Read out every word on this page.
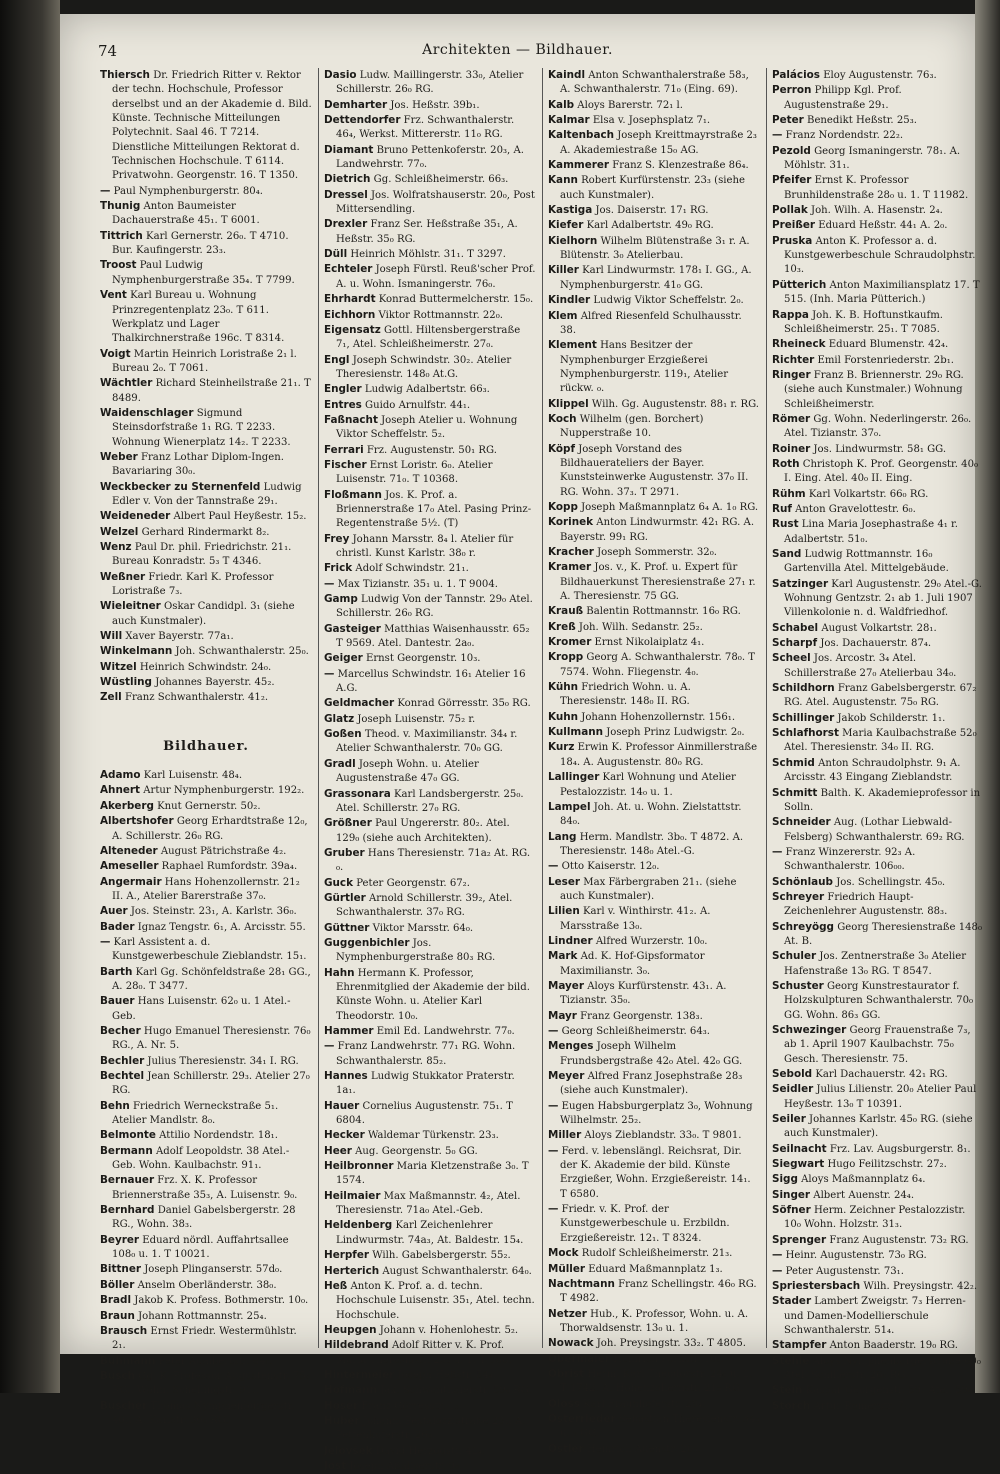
74	Architekten — Bildhauer.

Thiersch Dr. Friedrich Ritter v. Rektor der techn. Hochschule, Professor derselbst und an der Akademie d. Bild. Künste. Technische Mitteilungen Polytechnit. Saal 46. T 7214. Dienstliche Mitteilungen Rektorat d. Technischen Hochschule. T 6114. Privatwohn. Georgenstr. 16. T 1350.

— Paul Nymphenburgerstr. 80₄.

Thunig Anton Baumeister Dachauerstraße 45₁. T 6001.

Tittrich Karl Gernerstr. 26₀. T 4710. Bur. Kaufingerstr. 23₃.

Troost Paul Ludwig Nymphenburgerstraße 35₄. T 7799.

Vent Karl Bureau u. Wohnung Prinzregentenplatz 23₀. T 611. Werkplatz und Lager Thalkirchnerstraße 196c. T 8314.

Voigt Martin Heinrich Loristraße 2₁ l. Bureau 2₀. T 7061.

Wächtler Richard Steinheilstraße 21₁. T 8489.

Waidenschlager Sigmund Steinsdorfstraße 1₁ RG. T 2233. Wohnung Wienerplatz 14₂. T 2233.

Weber Franz Lothar Diplom-Ingen. Bavariaring 30₀.

Weckbecker zu Sternenfeld Ludwig Edler v. Von der Tannstraße 29₁.

Weideneder Albert Paul Heyßestr. 15₂.

Welzel Gerhard Rindermarkt 8₂.

Wenz Paul Dr. phil. Friedrichstr. 21₁. Bureau Konradstr. 5₃ T 4346.

Weßner Friedr. Karl K. Professor Loristraße 7₃.

Wieleitner Oskar Candidpl. 3₁ (siehe auch Kunstmaler).

Will Xaver Bayerstr. 77a₁.

Winkelmann Joh. Schwanthalerstr. 25₀.

Witzel Heinrich Schwindstr. 24₀.

Wüstling Johannes Bayerstr. 45₂.

Zell Franz Schwanthalerstr. 41₂.

Bildhauer.

Adamo Karl Luisenstr. 48₄.

Ahnert Artur Nymphenburgerstr. 192₂.

Akerberg Knut Gernerstr. 50₂.

Albertshofer Georg Erhardtstraße 12₀, A. Schillerstr. 26₀ RG.

Alteneder August Pätrichstraße 4₂.

Ameseller Raphael Rumfordstr. 39a₄.

Angermair Hans Hohenzollernstr. 21₂ II. A., Atelier Barerstraße 37₀.

Auer Jos. Steinstr. 23₁, A. Karlstr. 36₀.

Bader Ignaz Tengstr. 6₁, A. Arcisstr. 55.

— Karl Assistent a. d. Kunstgewerbeschule Zieblandstr. 15₁.

Barth Karl Gg. Schönfeldstraße 28₁ GG., A. 28₀. T 3477.

Bauer Hans Luisenstr. 62₀ u. 1 Atel.-Geb.

Becher Hugo Emanuel Theresienstr. 76₀ RG., A. Nr. 5.

Bechler Julius Theresienstr. 34₁ I. RG.

Bechtel Jean Schillerstr. 29₃. Atelier 27₀ RG.

Behn Friedrich Werneckstraße 5₁. Atelier Mandlstr. 8₀.

Belmonte Attilio Nordendstr. 18₁.

Bermann Adolf Leopoldstr. 38 Atel.-Geb. Wohn. Kaulbachstr. 91₁.

Bernauer Frz. X. K. Professor Briennerstraße 35₃, A. Luisenstr. 9₀.

Bernhard Daniel Gabelsbergerstr. 28 RG., Wohn. 38₃.

Beyrer Eduard nördl. Auffahrtsallee 108₀ u. 1. T 10021.

Bittner Joseph Plinganserstr. 57d₀.

Böller Anselm Oberländerstr. 38₀.

Bradl Jakob K. Profess. Bothmerstr. 10₀.

Braun Johann Rottmannstr. 25₄.

Brausch Ernst Friedr. Westermühlstr. 2₁.

Buhmann Peter Adalbertstr. 84₀.

Busch Gg. K. Professor Augustenstr. 75₀ RG., Wohn. Schellingstr. 91₁.

Buscher Thomas Nymphenburgerstr. 40₁, A. Karlstr. 36₀ RG.

Dasio Ludw. Maillingerstr. 33₀, Atelier Schillerstr. 26₀ RG.

Demharter Jos. Heßstr. 39b₁.

Dettendorfer Frz. Schwanthalerstr. 46₄, Werkst. Mittererstr. 11₀ RG.

Diamant Bruno Pettenkoferstr. 20₃, A. Landwehrstr. 77₀.

Dietrich Gg. Schleißheimerstr. 66₃.

Dressel Jos. Wolfratshauserstr. 20₀, Post Mittersendling.

Drexler Franz Ser. Heßstraße 35₁, A. Heßstr. 35₀ RG.

Düll Heinrich Möhlstr. 31₁. T 3297.

Echteler Joseph Fürstl. Reuß'scher Prof. A. u. Wohn. Ismaningerstr. 76₀.

Ehrhardt Konrad Buttermelcherstr. 15₀.

Eichhorn Viktor Rottmannstr. 22₀.

Eigensatz Gottl. Hiltensbergerstraße 7₁, Atel. Schleißheimerstr. 27₀.

Engl Joseph Schwindstr. 30₂. Atelier Theresienstr. 148₀ At.G.

Engler Ludwig Adalbertstr. 66₃.

Entres Guido Arnulfstr. 44₁.

Faßnacht Joseph Atelier u. Wohnung Viktor Scheffelstr. 5₂.

Ferrari Frz. Augustenstr. 50₁ RG.

Fischer Ernst Loristr. 6₀. Atelier Luisenstr. 71₀. T 10368.

Floßmann Jos. K. Prof. a. Briennerstraße 17₀ Atel. Pasing Prinz-Regentenstraße 5½. (T)

Frey Johann Marsstr. 8₄ l. Atelier für christl. Kunst Karlstr. 38₀ r.

Frick Adolf Schwindstr. 21₁.

— Max Tizianstr. 35₁ u. 1. T 9004.

Gamp Ludwig Von der Tannstr. 29₀ Atel. Schillerstr. 26₀ RG.

Gasteiger Matthias Waisenhausstr. 65₂ T 9569. Atel. Dantestr. 2a₀.

Geiger Ernst Georgenstr. 10₃.

— Marcellus Schwindstr. 16₁ Atelier 16 A.G.

Geldmacher Konrad Görresstr. 35₀ RG.

Glatz Joseph Luisenstr. 75₂ r.

Goßen Theod. v. Maximilianstr. 34₄ r. Atelier Schwanthalerstr. 70₀ GG.

Gradl Joseph Wohn. u. Atelier Augustenstraße 47₀ GG.

Grassonara Karl Landsbergerstr. 25₀. Atel. Schillerstr. 27₀ RG.

Größner Paul Ungererstr. 80₂. Atel. 129₀ (siehe auch Architekten).

Gruber Hans Theresienstr. 71a₂ At. RG. ₀.

Guck Peter Georgenstr. 67₂.

Gürtler Arnold Schillerstr. 39₂, Atel. Schwanthalerstr. 37₀ RG.

Güttner Viktor Marsstr. 64₀.

Guggenbichler Jos. Nymphenburgerstraße 80₃ RG.

Hahn Hermann K. Professor, Ehrenmitglied der Akademie der bild. Künste Wohn. u. Atelier Karl Theodorstr. 10₀.

Hammer Emil Ed. Landwehrstr. 77₀.

— Franz Landwehrstr. 77₁ RG. Wohn. Schwanthalerstr. 85₂.

Hannes Ludwig Stukkator Praterstr. 1a₁.

Hauer Cornelius Augustenstr. 75₁. T 6804.

Hecker Waldemar Türkenstr. 23₃.

Heer Aug. Georgenstr. 5₀ GG.

Heilbronner Maria Kletzenstraße 3₀. T 1574.

Heilmaier Max Maßmannstr. 4₂, Atel. Theresienstr. 71a₀ Atel.-Geb.

Heldenberg Karl Zeichenlehrer Lindwurmstr. 74a₃, At. Baldestr. 15₄.

Herpfer Wilh. Gabelsbergerstr. 55₂.

Herterich August Schwanthalerstr. 64₀.

Heß Anton K. Prof. a. d. techn. Hochschule Luisenstr. 35₁, Atel. techn. Hochschule.

Heupgen Johann v. Hohenlohestr. 5₂.

Hildebrand Adolf Ritter v. K. Prof. Maria Theresiastr. 23₀ u. 1. T 368.

Hintermeier Joseph Heßstr. 54₄.

Hofmann Jak. Schwanthalerstr. 59₀ RG.

Hoser Franz Görresstr. 1₃.

Huber Johann, Pestalozzistraße 23₁, A. Pettenkoferstr. 26₀.

Jelovšek David Herzogstr. 41₄.

Jost Joseph Aßaliserstr. 9₀.

Kaindl Anton Schwanthalerstraße 58₃, A. Schwanthalerstr. 71₀ (Eing. 69).

Kalb Aloys Barerstr. 72₁ l.

Kalmar Elsa v. Josephsplatz 7₁.

Kaltenbach Joseph Kreittmayrstraße 2₃ A. Akademiestraße 15₀ AG.

Kammerer Franz S. Klenzestraße 86₄.

Kann Robert Kurfürstenstr. 23₃ (siehe auch Kunstmaler).

Kastiga Jos. Daiserstr. 17₁ RG.

Kiefer Karl Adalbertstr. 49₀ RG.

Kielhorn Wilhelm Blütenstraße 3₁ r. A. Blütenstr. 3₀ Atelierbau.

Killer Karl Lindwurmstr. 178₁ I. GG., A. Nymphenburgerstr. 41₀ GG.

Kindler Ludwig Viktor Scheffelstr. 2₀.

Klem Alfred Riesenfeld Schulhausstr. 38.

Klement Hans Besitzer der Nymphenburger Erzgießerei Nymphenburgerstr. 119₁, Atelier rückw. ₀.

Klippel Wilh. Gg. Augustenstr. 88₁ r. RG.

Koch Wilhelm (gen. Borchert) Nupperstraße 10.

Köpf Joseph Vorstand des Bildhauerateliers der Bayer. Kunststeinwerke Augustenstr. 37₀ II. RG. Wohn. 37₃. T 2971.

Kopp Joseph Maßmannplatz 6₄ A. 1₀ RG.

Korinek Anton Lindwurmstr. 42₁ RG. A. Bayerstr. 99₁ RG.

Kracher Joseph Sommerstr. 32₀.

Kramer Jos. v., K. Prof. u. Expert für Bildhauerkunst Theresienstraße 27₁ r. A. Theresienstr. 75 GG.

Krauß Balentin Rottmannstr. 16₀ RG.

Kreß Joh. Wilh. Sedanstr. 25₂.

Kromer Ernst Nikolaiplatz 4₁.

Kropp Georg A. Schwanthalerstr. 78₀. T 7574. Wohn. Fliegenstr. 4₀.

Kühn Friedrich Wohn. u. A. Theresienstr. 148₀ II. RG.

Kuhn Johann Hohenzollernstr. 156₁.

Kullmann Joseph Prinz Ludwigstr. 2₀.

Kurz Erwin K. Professor Ainmillerstraße 18₄. A. Augustenstr. 80₀ RG.

Lallinger Karl Wohnung und Atelier Pestalozzistr. 14₀ u. 1.

Lampel Joh. At. u. Wohn. Zielstattstr. 84₀.

Lang Herm. Mandlstr. 3b₀. T 4872. A. Theresienstr. 148₀ Atel.-G.

— Otto Kaiserstr. 12₀.

Leser Max Färbergraben 21₁. (siehe auch Kunstmaler).

Lilien Karl v. Winthirstr. 41₂. A. Marsstraße 13₀.

Lindner Alfred Wurzerstr. 10₀.

Mark Ad. K. Hof-Gipsformator Maximilianstr. 3₀.

Mayer Aloys Kurfürstenstr. 43₁. A. Tizianstr. 35₀.

Mayr Franz Georgenstr. 138₃.

— Georg Schleißheimerstr. 64₃.

Menges Joseph Wilhelm Frundsbergstraße 42₀ Atel. 42₀ GG.

Meyer Alfred Franz Josephstraße 28₃ (siehe auch Kunstmaler).

— Eugen Habsburgerplatz 3₀, Wohnung Wilhelmstr. 25₂.

Miller Aloys Zieblandstr. 33₀. T 9801.

— Ferd. v. lebenslängl. Reichsrat, Dir. der K. Akademie der bild. Künste Erzgießer, Wohn. Erzgießereistr. 14₁. T 6580.

— Friedr. v. K. Prof. der Kunstgewerbeschule u. Erzbildn. Erzgießereistr. 12₁. T 8324.

Mock Rudolf Schleißheimerstr. 21₃.

Müller Eduard Maßmannplatz 1₃.

Nachtmann Franz Schellingstr. 46₀ RG. T 4982.

Netzer Hub., K. Professor, Wohn. u. A. Thorwaldsenstr. 13₀ u. 1.

Nowack Joh. Preysingstr. 33₂. T 4805.

Obermaier Heinrich Parkstr. 10₀.

Obrist Herm. Karl Theodorstr. 24₀ u. 1. T 1742. A. Hohenzollernstr. 21₀ RG.

Oloss Karl Fraunhoferstr. 29₄.

Osterrieder Sebastian Theresienstr. 34₀ u. ₂ GG.

Ostler Heinrich Auenstr. 20₀.

Palácios Eloy Augustenstr. 76₃.

Perron Philipp Kgl. Prof. Augustenstraße 29₁.

Peter Benedikt Heßstr. 25₃.

— Franz Nordendstr. 22₂.

Pezold Georg Ismaningerstr. 78₁. A. Möhlstr. 31₁.

Pfeifer Ernst K. Professor Brunhildenstraße 28₀ u. 1. T 11982.

Pollak Joh. Wilh. A. Hasenstr. 2₄.

Preißer Eduard Heßstr. 44₁ A. 2₀.

Pruska Anton K. Professor a. d. Kunstgewerbeschule Schraudolphstr. 10₃.

Pütterich Anton Maximiliansplatz 17. T 515. (Inh. Maria Pütterich.)

Rappa Joh. K. B. Hoftunstkaufm. Schleißheimerstr. 25₁. T 7085.

Rheineck Eduard Blumenstr. 42₄.

Richter Emil Forstenriederstr. 2b₁.

Ringer Franz B. Briennerstr. 29₀ RG. (siehe auch Kunstmaler.) Wohnung Schleißheimerstr.

Römer Gg. Wohn. Nederlingerstr. 26₀. Atel. Tizianstr. 37₀.

Roiner Jos. Lindwurmstr. 58₁ GG.

Roth Christoph K. Prof. Georgenstr. 40₀ I. Eing. Atel. 40₀ II. Eing.

Rühm Karl Volkartstr. 66₀ RG.

Ruf Anton Gravelottestr. 6₀.

Rust Lina Maria Josephastraße 4₁ r. Adalbertstr. 51₀.

Sand Ludwig Rottmannstr. 16₀ Gartenvilla Atel. Mittelgebäude.

Satzinger Karl Augustenstr. 29₀ Atel.-G. Wohnung Gentzstr. 2₁ ab 1. Juli 1907 Villenkolonie n. d. Waldfriedhof.

Schabel August Volkartstr. 28₁.

Scharpf Jos. Dachauerstr. 87₄.

Scheel Jos. Arcostr. 3₄ Atel. Schillerstraße 27₀ Atelierbau 34₀.

Schildhorn Franz Gabelsbergerstr. 67₂ RG. Atel. Augustenstr. 75₀ RG.

Schillinger Jakob Schilderstr. 1₁.

Schlafhorst Maria Kaulbachstraße 52₀ Atel. Theresienstr. 34₀ II. RG.

Schmid Anton Schraudolphstr. 9₁ A. Arcisstr. 43 Eingang Zieblandstr.

Schmitt Balth. K. Akademieprofessor in Solln.

Schneider Aug. (Lothar Liebwald-Felsberg) Schwanthalerstr. 69₂ RG.

— Franz Winzererstr. 92₃ A. Schwanthalerstr. 106₀₀.

Schönlaub Jos. Schellingstr. 45₀.

Schreyer Friedrich Haupt-Zeichenlehrer Augustenstr. 88₃.

Schreyögg Georg Theresienstraße 148₀ At. B.

Schuler Jos. Zentnerstraße 3₀ Atelier Hafenstraße 13₀ RG. T 8547.

Schuster Georg Kunstrestaurator f. Holzskulpturen Schwanthalerstr. 70₀ GG. Wohn. 86₃ GG.

Schwezinger Georg Frauenstraße 7₃, ab 1. April 1907 Kaulbachstr. 75₀ Gesch. Theresienstr. 75.

Sebold Karl Dachauerstr. 42₁ RG.

Seidler Julius Lilienstr. 20₀ Atelier Paul Heyßestr. 13₀ T 10391.

Seiler Johannes Karlstr. 45₀ RG. (siehe auch Kunstmaler).

Seilnacht Frz. Lav. Augsburgerstr. 8₁.

Siegwart Hugo Feilitzschstr. 27₂.

Sigg Aloys Maßmannplatz 6₄.

Singer Albert Auenstr. 24₄.

Söfner Herm. Zeichner Pestalozzistr. 10₀ Wohn. Holzstr. 31₃.

Sprenger Franz Augustenstr. 73₂ RG.

— Heinr. Augustenstr. 73₀ RG.

— Peter Augustenstr. 73₁.

Spriestersbach Wilh. Preysingstr. 42₂.

Stader Lambert Zweigstr. 7₃ Herren- und Damen-Modellierschule Schwanthalerstr. 51₄.

Stampfer Anton Baaderstr. 19₀ RG.

Stehle Aloys Nymphenburgerstraße 60₀ Atel. Schillerstr. 26₀ RG.

Stein Kaspar Georgenstr. 59₁ Atel. 59₀.

Storch Artur Römerstr. 7₁.
